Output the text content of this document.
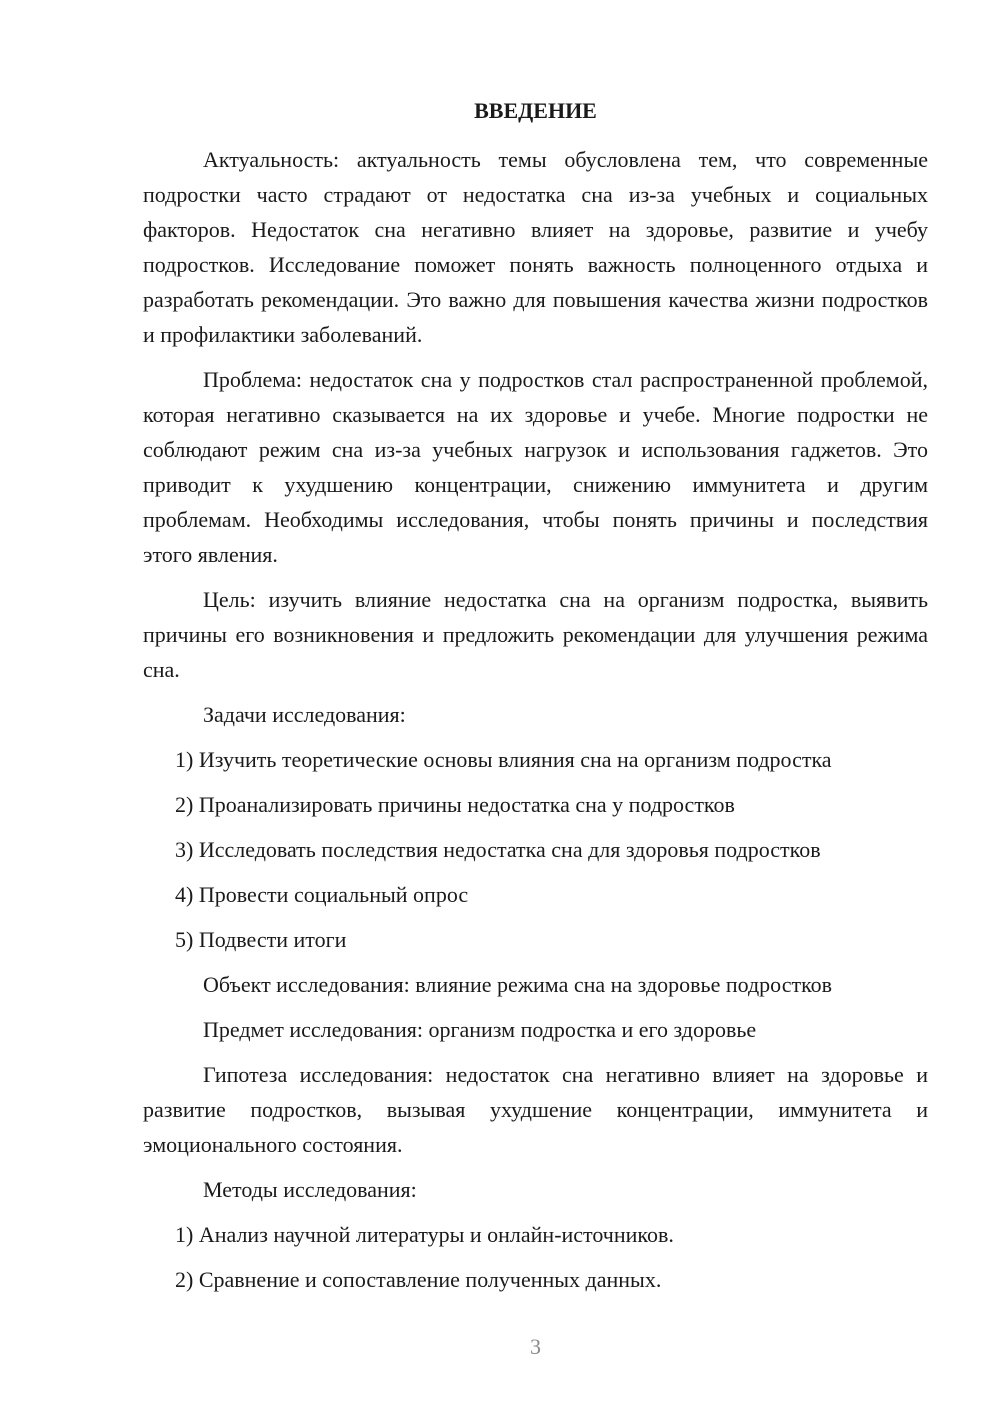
ВВЕДЕНИЕ

Актуальность: актуальность темы обусловлена тем, что современные подростки часто страдают от недостатка сна из-за учебных и социальных факторов. Недостаток сна негативно влияет на здоровье, развитие и учебу подростков. Исследование поможет понять важность полноценного отдыха и разработать рекомендации. Это важно для повышения качества жизни подростков и профилактики заболеваний.

Проблема: недостаток сна у подростков стал распространенной проблемой, которая негативно сказывается на их здоровье и учебе. Многие подростки не соблюдают режим сна из-за учебных нагрузок и использования гаджетов. Это приводит к ухудшению концентрации, снижению иммунитета и другим проблемам. Необходимы исследования, чтобы понять причины и последствия этого явления.

Цель: изучить влияние недостатка сна на организм подростка, выявить причины его возникновения и предложить рекомендации для улучшения режима сна.

Задачи исследования:

1) Изучить теоретические основы влияния сна на организм подростка
2) Проанализировать причины недостатка сна у подростков
3) Исследовать последствия недостатка сна для здоровья подростков
4) Провести социальный опрос
5) Подвести итоги

Объект исследования: влияние режима сна на здоровье подростков

Предмет исследования: организм подростка и его здоровье

Гипотеза исследования: недостаток сна негативно влияет на здоровье и развитие подростков, вызывая ухудшение концентрации, иммунитета и эмоционального состояния.

Методы исследования:

1) Анализ научной литературы и онлайн-источников.
2) Сравнение и сопоставление полученных данных.
3
